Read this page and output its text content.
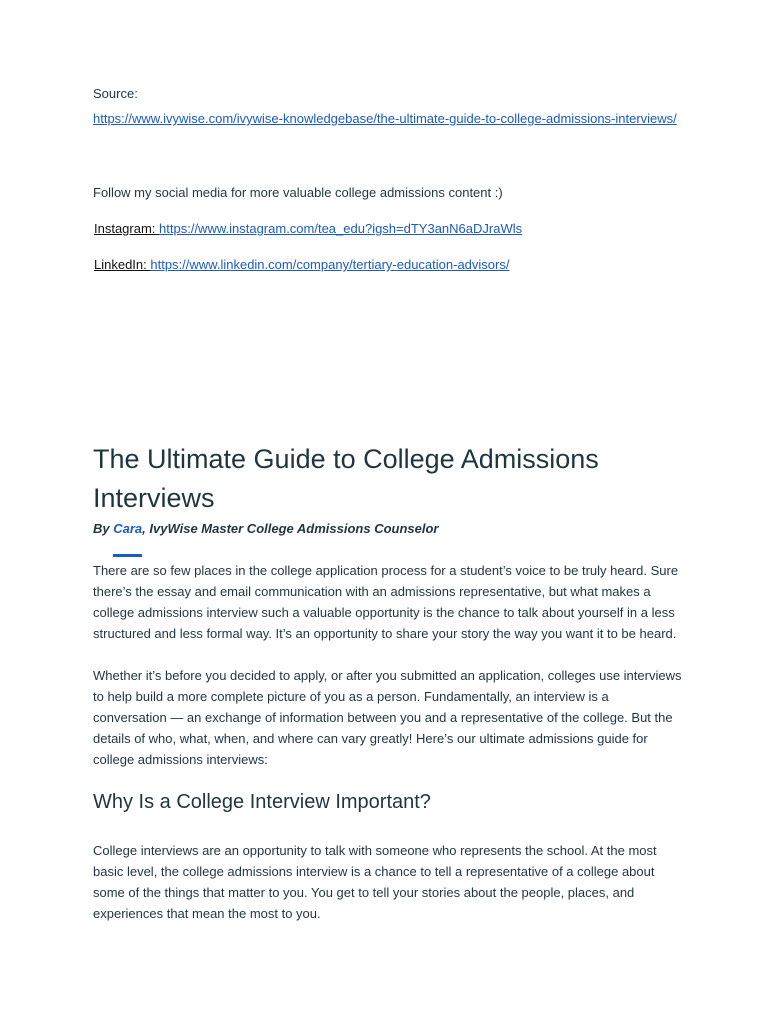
Source:
https://www.ivywise.com/ivywise-knowledgebase/the-ultimate-guide-to-college-admissions-interviews/
Follow my social media for more valuable college admissions content :)
Instagram: https://www.instagram.com/tea_edu?igsh=dTY3anN6aDJraWls
LinkedIn: https://www.linkedin.com/company/tertiary-education-advisors/
The Ultimate Guide to College Admissions Interviews
By Cara, IvyWise Master College Admissions Counselor

There are so few places in the college application process for a student’s voice to be truly heard. Sure there’s the essay and email communication with an admissions representative, but what makes a college admissions interview such a valuable opportunity is the chance to talk about yourself in a less structured and less formal way. It’s an opportunity to share your story the way you want it to be heard.

Whether it’s before you decided to apply, or after you submitted an application, colleges use interviews to help build a more complete picture of you as a person. Fundamentally, an interview is a conversation — an exchange of information between you and a representative of the college. But the details of who, what, when, and where can vary greatly! Here’s our ultimate admissions guide for college admissions interviews:

Why Is a College Interview Important?

College interviews are an opportunity to talk with someone who represents the school. At the most basic level, the college admissions interview is a chance to tell a representative of a college about some of the things that matter to you. You get to tell your stories about the people, places, and experiences that mean the most to you.
